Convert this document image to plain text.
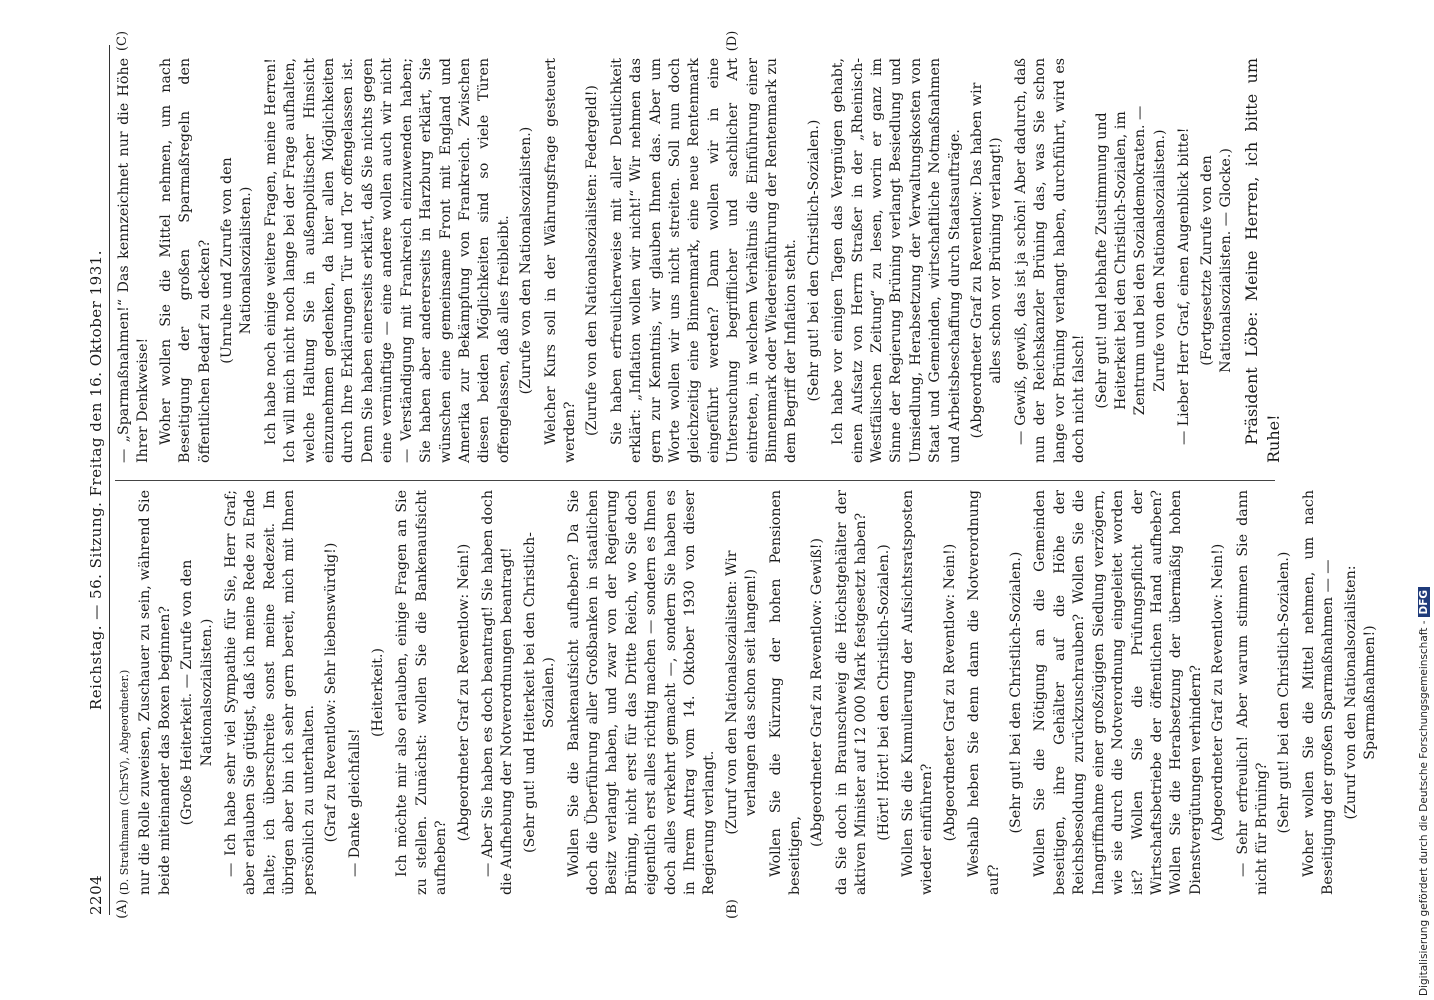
2204
Reichstag. — 56. Sitzung. Freitag den 16. Oktober 1931.
(A)	(B)
(C)	(D)

(D. Strathmann (ChrSV), Abgeordneter.) nur die Rolle zuweisen, Zuschauer zu sein, während Sie beide miteinander das Boxen beginnen? (Große Heiterkeit. — Zurufe von den Nationalsozialisten.) — Ich habe sehr viel Sympathie für Sie, Herr Graf; aber erlauben Sie gütigst, daß ich meine Rede zu Ende halte; ich überschreite sonst meine Redezeit. Im übrigen aber bin ich sehr gern bereit, mich mit Ihnen persönlich zu unterhalten. (Graf zu Reventlow: Sehr liebenswürdig!) — Danke gleichfalls!

(Heiterkeit.) Ich möchte mir also erlauben, einige Fragen an Sie zu stellen. Zunächst: wollen Sie die Bankenaufsicht aufheben?

(Abgeordneter Graf zu Reventlow: Nein!) — Aber Sie haben es doch beantragt! Sie haben doch die Aufhebung der Notverordnungen beantragt! (Sehr gut! und Heiterkeit bei den Christlich-Sozialen.) Wollen Sie die Bankenaufsicht aufheben? Da Sie doch die Überführung aller Großbanken in staatlichen Besitz verlangt haben, und zwar von der Regierung Brüning, nicht erst für das Dritte Reich, wo Sie doch eigentlich erst alles richtig machen — sondern es Ihnen doch alles verkehrt gemacht —, sondern Sie haben es in Ihrem Antrag vom 14. Oktober 1930 von dieser Regierung verlangt. (Zuruf von den Nationalsozialisten: Wir verlangen das schon seit langem!) Wollen Sie die Kürzung der hohen Pensionen beseitigen,

(Abgeordneter Graf zu Reventlow: Gewiß!) da Sie doch in Braunschweig die Höchstgehälter der aktiven Minister auf 12 000 Mark festgesetzt haben? (Hört! Hört! bei den Christlich-Sozialen.) Wollen Sie die Kumulierung der Aufsichtsratsposten wieder einführen? (Abgeordneter Graf zu Reventlow: Nein!) Weshalb heben Sie denn dann die Notverordnung auf?

(Sehr gut! bei den Christlich-Sozialen.) Wollen Sie die Nötigung an die Gemeinden beseitigen, ihre Gehälter auf die Höhe der Reichsbesoldung zurückzuschrauben? Wollen Sie die Inangriffnahme einer großzügigen Siedlung verzögern, wie sie durch die Notverordnung eingeleitet worden ist? Wollen Sie die Prüfungspflicht der Wirtschaftsbetriebe der öffentlichen Hand aufheben? Wollen Sie die Herabsetzung der übermäßig hohen Dienstvergütungen verhindern? (Abgeordneter Graf zu Reventlow: Nein!) — Sehr erfreulich! Aber warum stimmen Sie dann nicht für Brüning? (Sehr gut! bei den Christlich-Sozialen.) Woher wollen Sie die Mittel nehmen, um nach Beseitigung der großen Sparmaßnahmen — — (Zuruf von den Nationalsozialisten: Sparmaßnahmen!)

— „Sparmaßnahmen!“ Das kennzeichnet nur die Höhe Ihrer Denkweise! Woher wollen Sie die Mittel nehmen, um nach Beseitigung der großen Sparmaßregeln den öffentlichen Bedarf zu decken? (Unruhe und Zurufe von den Nationalsozialisten.) Ich habe noch einige weitere Fragen, meine Herren! Ich will mich nicht noch lange bei der Frage aufhalten, welche Haltung Sie in außenpolitischer Hinsicht einzunehmen gedenken, da hier allen Möglichkeiten durch Ihre Erklärungen Tür und Tor offengelassen ist. Denn Sie haben einerseits erklärt, daß Sie nichts gegen eine vernünftige — eine andere wollen auch wir nicht — Verständigung mit Frankreich einzuwenden haben; Sie haben aber andererseits in Harzburg erklärt, Sie wünschen eine gemeinsame Front mit England und Amerika zur Bekämpfung von Frankreich. Zwischen diesen beiden Möglichkeiten sind so viele Türen offengelassen, daß alles freibleibt. (Zurufe von den Nationalsozialisten.) Welcher Kurs soll in der Währungsfrage gesteuert werden? (Zurufe von den Nationalsozialisten: Federgeld!) Sie haben erfreulicherweise mit aller Deutlichkeit erklärt: „Inflation wollen wir nicht!“ Wir nehmen das gern zur Kenntnis, wir glauben Ihnen das. Aber um Worte wollen wir uns nicht streiten. Soll nun doch gleichzeitig eine Binnenmark, eine neue Rentenmark eingeführt werden? Dann wollen wir in eine Untersuchung begrifflicher und sachlicher Art eintreten, in welchem Verhältnis die Einführung einer Binnenmark oder Wiedereinführung der Rentenmark zu dem Begriff der Inflation steht. (Sehr gut! bei den Christlich-Sozialen.) Ich habe vor einigen Tagen das Vergnügen gehabt, einen Aufsatz von Herrn Straßer in der „Rheinisch-Westfälischen Zeitung“ zu lesen, worin er ganz im Sinne der Regierung Brüning verlangt Besiedlung und Umsiedlung, Herabsetzung der Verwaltungskosten von Staat und Gemeinden, wirtschaftliche Notmaßnahmen und Arbeitsbeschaffung durch Staatsaufträge. (Abgeordneter Graf zu Reventlow: Das haben wir alles schon vor Brüning verlangt!) — Gewiß, gewiß, das ist ja schön! Aber dadurch, daß nun der Reichskanzler Brüning das, was Sie schon lange vor Brüning verlangt haben, durchführt, wird es doch nicht falsch! (Sehr gut! und lebhafte Zustimmung und Heiterkeit bei den Christlich-Sozialen, im Zentrum und bei den Sozialdemokraten. — Zurufe von den Nationalsozialisten.) — Lieber Herr Graf, einen Augenblick bitte! (Fortgesetzte Zurufe von den Nationalsozialisten. — Glocke.) Präsident Löbe: Meine Herren, ich bitte um Ruhe!

Digitalisierung gefördert durch die Deutsche Forschungsgemeinschaft -DFG
